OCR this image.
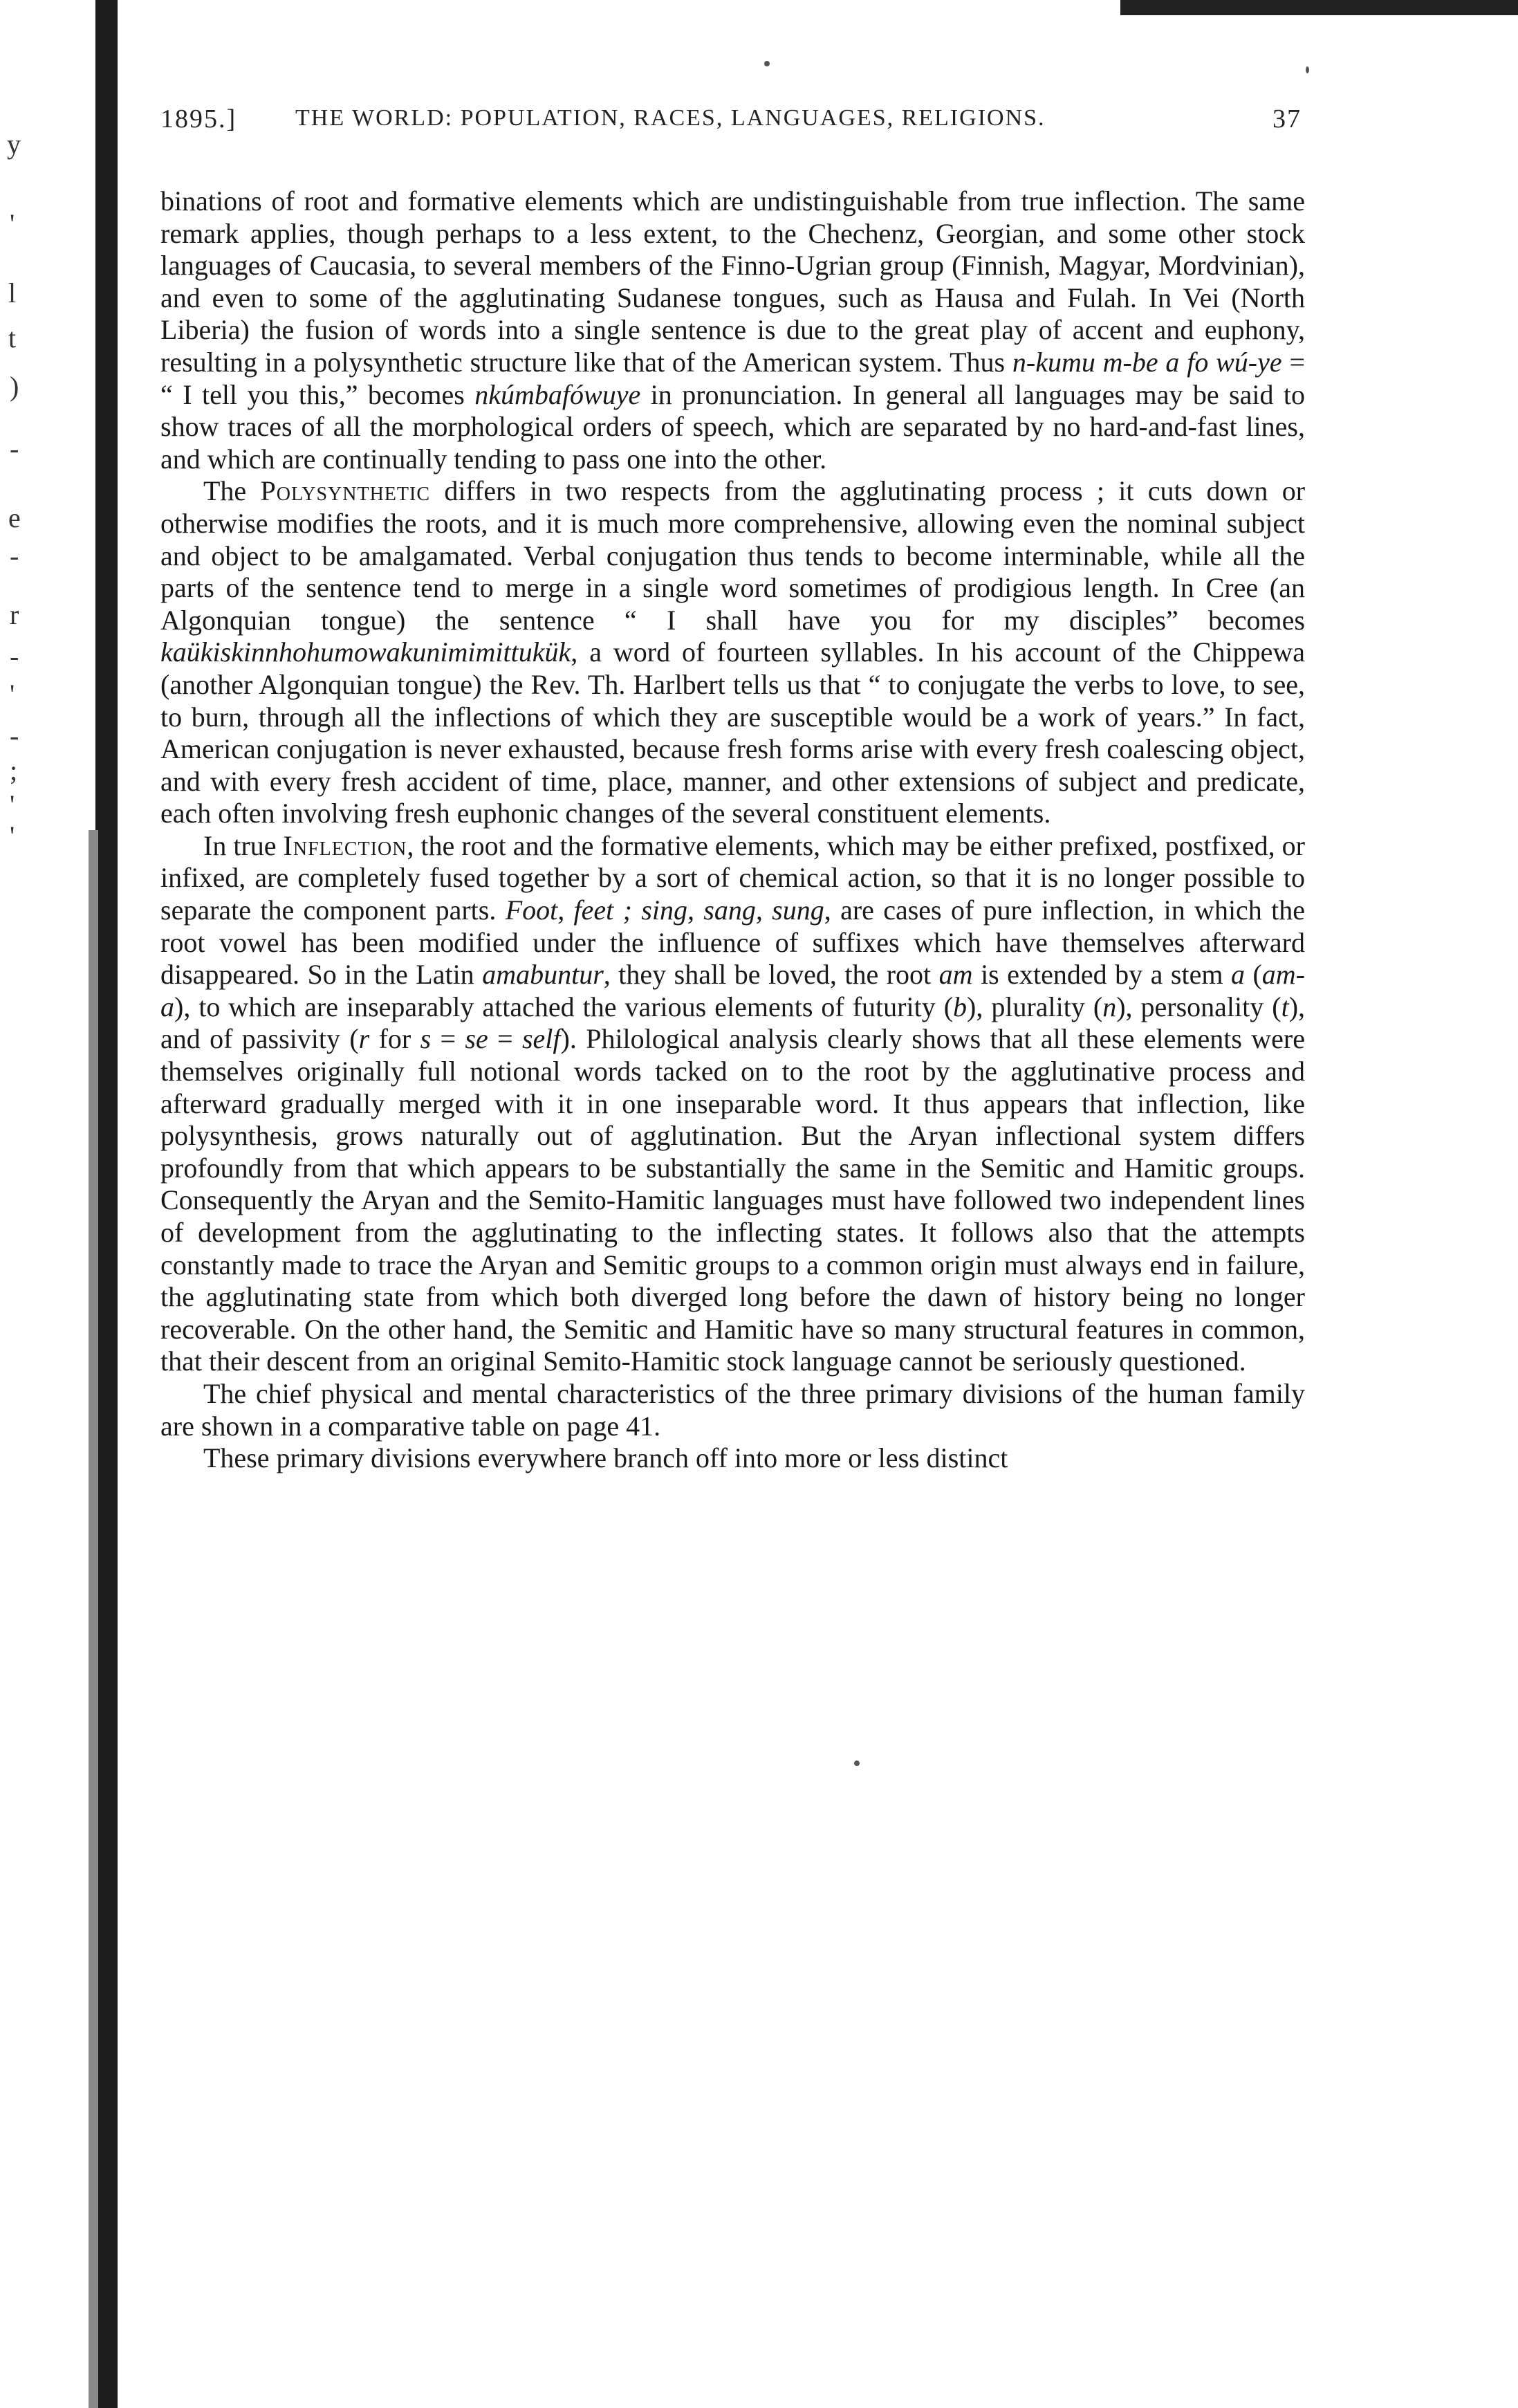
y
'
l
t
)
-
e
-
r
-
'
-
;
'
'
1895.] THE WORLD: POPULATION, RACES, LANGUAGES, RELIGIONS.	37

binations of root and formative elements which are undistinguishable from true inflection. The same remark applies, though perhaps to a less extent, to the Chechenz, Georgian, and some other stock languages of Caucasia, to several members of the Finno-Ugrian group (Finnish, Magyar, Mordvinian), and even to some of the agglutinating Sudanese tongues, such as Hausa and Fulah. In Vei (North Liberia) the fusion of words into a single sentence is due to the great play of accent and euphony, resulting in a polysynthetic structure like that of the American system. Thus n-kumu m-be a fo wú-ye = “ I tell you this,” becomes nkúmbafówuye in pronunciation. In general all languages may be said to show traces of all the morphological orders of speech, which are separated by no hard-and-fast lines, and which are continually tending to pass one into the other.

The Polysynthetic differs in two respects from the agglutinating process ; it cuts down or otherwise modifies the roots, and it is much more comprehensive, allowing even the nominal subject and object to be amalgamated. Verbal conjugation thus tends to become interminable, while all the parts of the sentence tend to merge in a single word sometimes of prodigious length. In Cree (an Algonquian tongue) the sentence “ I shall have you for my disciples” becomes kaükiskinnhohumowakunimimittukük, a word of fourteen syllables. In his account of the Chippewa (another Algonquian tongue) the Rev. Th. Harlbert tells us that “ to conjugate the verbs to love, to see, to burn, through all the inflections of which they are susceptible would be a work of years.” In fact, American conjugation is never exhausted, because fresh forms arise with every fresh coalescing object, and with every fresh accident of time, place, manner, and other extensions of subject and predicate, each often involving fresh euphonic changes of the several constituent elements.

In true Inflection, the root and the formative elements, which may be either prefixed, postfixed, or infixed, are completely fused together by a sort of chemical action, so that it is no longer possible to separate the component parts. Foot, feet ; sing, sang, sung, are cases of pure inflection, in which the root vowel has been modified under the influence of suffixes which have themselves afterward disappeared. So in the Latin amabuntur, they shall be loved, the root am is extended by a stem a (am-a), to which are inseparably attached the various elements of futurity (b), plurality (n), personality (t), and of passivity (r for s = se = self). Philological analysis clearly shows that all these elements were themselves originally full notional words tacked on to the root by the agglutinative process and afterward gradually merged with it in one inseparable word. It thus appears that inflection, like polysynthesis, grows naturally out of agglutination. But the Aryan inflectional system differs profoundly from that which appears to be substantially the same in the Semitic and Hamitic groups. Consequently the Aryan and the Semito-Hamitic languages must have followed two independent lines of development from the agglutinating to the inflecting states. It follows also that the attempts constantly made to trace the Aryan and Semitic groups to a common origin must always end in failure, the agglutinating state from which both diverged long before the dawn of history being no longer recoverable. On the other hand, the Semitic and Hamitic have so many structural features in common, that their descent from an original Semito-Hamitic stock language cannot be seriously questioned.

The chief physical and mental characteristics of the three primary divisions of the human family are shown in a comparative table on page 41.

These primary divisions everywhere branch off into more or less distinct
